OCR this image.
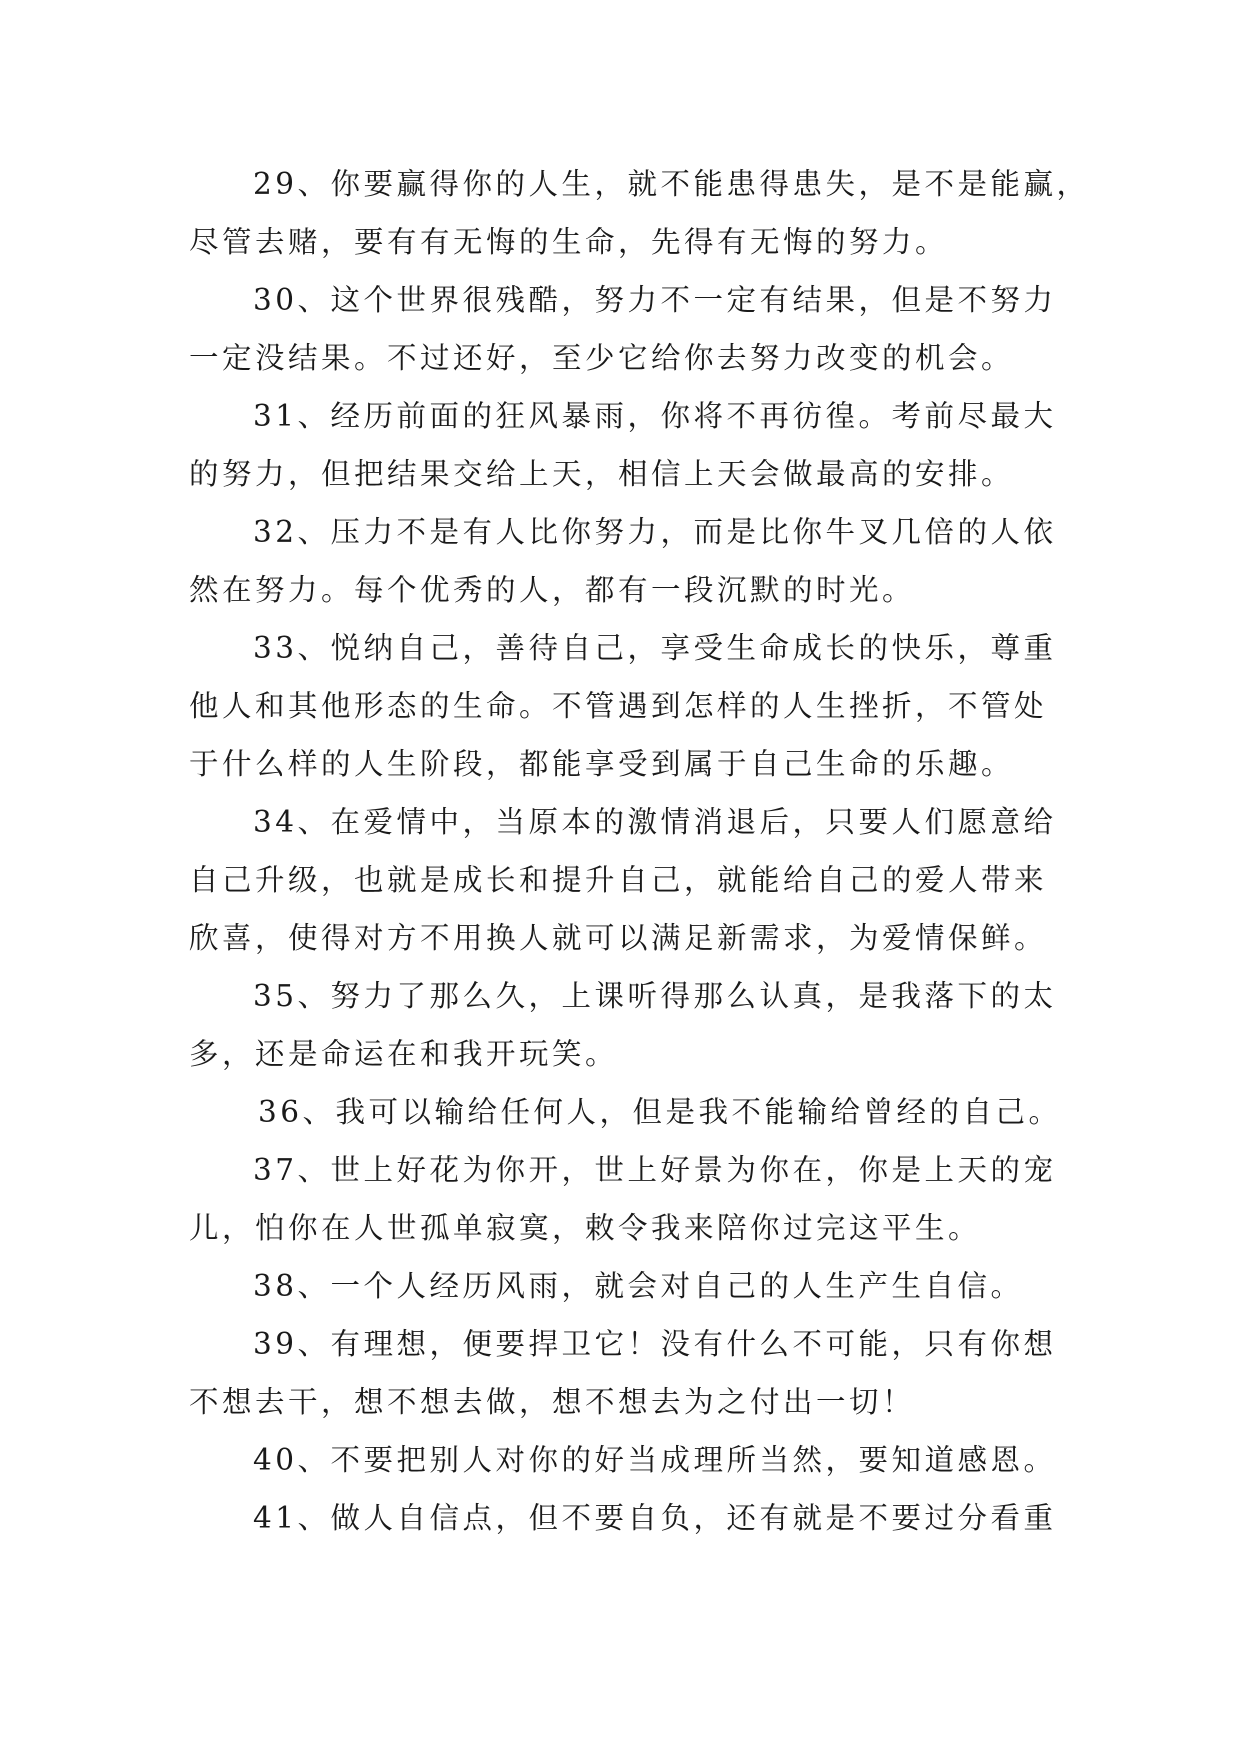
29、你要赢得你的人生，就不能患得患失，是不是能赢，
尽管去赌，要有有无悔的生命，先得有无悔的努力。
30、这个世界很残酷，努力不一定有结果，但是不努力
一定没结果。不过还好，至少它给你去努力改变的机会。
31、经历前面的狂风暴雨，你将不再彷徨。考前尽最大
的努力，但把结果交给上天，相信上天会做最高的安排。
32、压力不是有人比你努力，而是比你牛叉几倍的人依
然在努力。每个优秀的人，都有一段沉默的时光。
33、悦纳自己，善待自己，享受生命成长的快乐，尊重
他人和其他形态的生命。不管遇到怎样的人生挫折，不管处
于什么样的人生阶段，都能享受到属于自己生命的乐趣。
34、在爱情中，当原本的激情消退后，只要人们愿意给
自己升级，也就是成长和提升自己，就能给自己的爱人带来
欣喜，使得对方不用换人就可以满足新需求，为爱情保鲜。
35、努力了那么久，上课听得那么认真，是我落下的太
多，还是命运在和我开玩笑。
36、我可以输给任何人，但是我不能输给曾经的自己。
37、世上好花为你开，世上好景为你在，你是上天的宠
儿，怕你在人世孤单寂寞，敕令我来陪你过完这平生。
38、一个人经历风雨，就会对自己的人生产生自信。
39、有理想，便要捍卫它！没有什么不可能，只有你想
不想去干，想不想去做，想不想去为之付出一切！
40、不要把别人对你的好当成理所当然，要知道感恩。
41、做人自信点，但不要自负，还有就是不要过分看重
